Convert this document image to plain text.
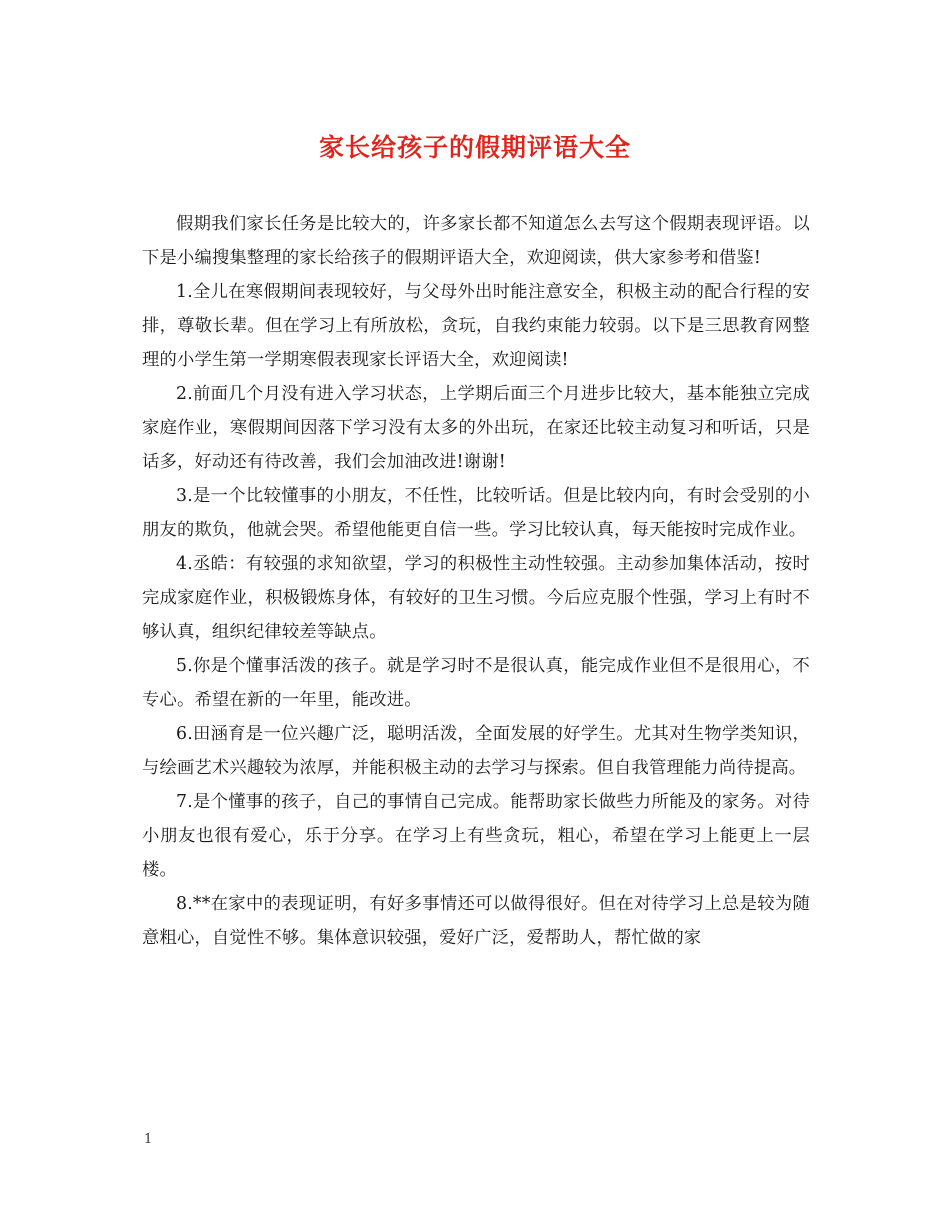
家长给孩子的假期评语大全

假期我们家长任务是比较大的，许多家长都不知道怎么去写这个假期表现评语。以下是小编搜集整理的家长给孩子的假期评语大全，欢迎阅读，供大家参考和借鉴!

1.全儿在寒假期间表现较好，与父母外出时能注意安全，积极主动的配合行程的安排，尊敬长辈。但在学习上有所放松，贪玩，自我约束能力较弱。以下是三思教育网整理的小学生第一学期寒假表现家长评语大全，欢迎阅读!

2.前面几个月没有进入学习状态，上学期后面三个月进步比较大，基本能独立完成家庭作业，寒假期间因落下学习没有太多的外出玩，在家还比较主动复习和听话，只是话多，好动还有待改善，我们会加油改进!谢谢!

3.是一个比较懂事的小朋友，不任性，比较听话。但是比较内向，有时会受别的小朋友的欺负，他就会哭。希望他能更自信一些。学习比较认真，每天能按时完成作业。

4.丞皓：有较强的求知欲望，学习的积极性主动性较强。主动参加集体活动，按时完成家庭作业，积极锻炼身体，有较好的卫生习惯。今后应克服个性强，学习上有时不够认真，组织纪律较差等缺点。

5.你是个懂事活泼的孩子。就是学习时不是很认真，能完成作业但不是很用心，不专心。希望在新的一年里，能改进。

6.田涵育是一位兴趣广泛，聪明活泼，全面发展的好学生。尤其对生物学类知识，与绘画艺术兴趣较为浓厚，并能积极主动的去学习与探索。但自我管理能力尚待提高。

7.是个懂事的孩子，自己的事情自己完成。能帮助家长做些力所能及的家务。对待小朋友也很有爱心，乐于分享。在学习上有些贪玩，粗心，希望在学习上能更上一层楼。

8.**在家中的表现证明，有好多事情还可以做得很好。但在对待学习上总是较为随意粗心，自觉性不够。集体意识较强，爱好广泛，爱帮助人，帮忙做的家

1
